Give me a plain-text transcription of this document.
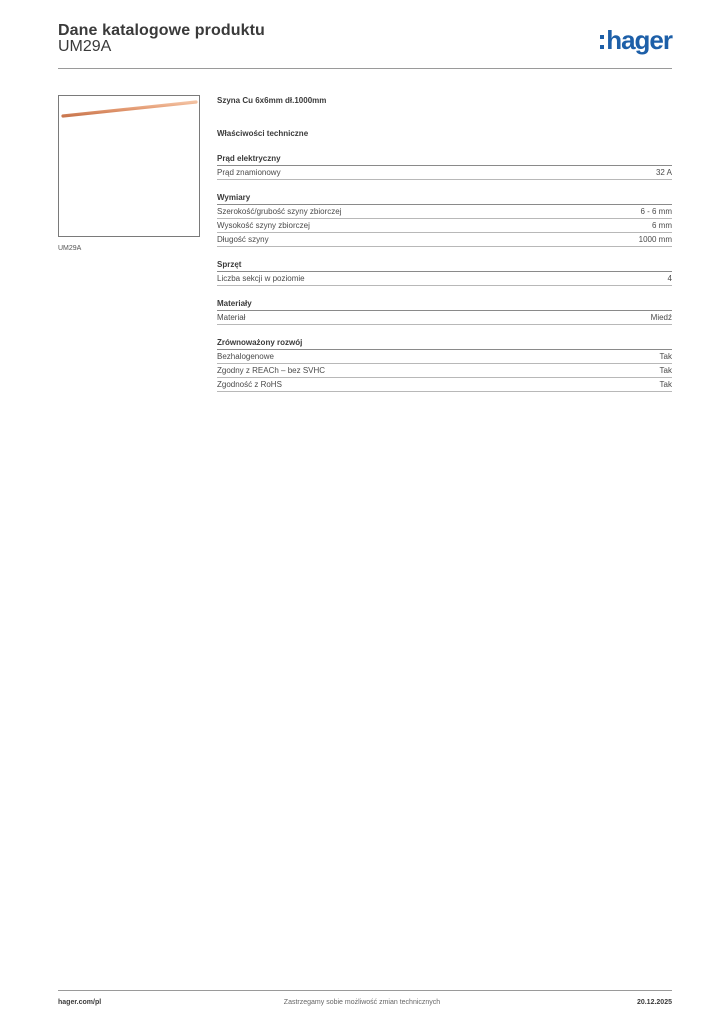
Dane katalogowe produktu
UM29A	hager
UM29A
Szyna Cu 6x6mm dł.1000mm
Właściwości techniczne
Prąd elektryczny
Prąd znamionowy	32 A
Wymiary
Szerokość/grubość szyny zbiorczej	6 - 6 mm
Wysokość szyny zbiorczej	6 mm
Długość szyny	1000 mm
Sprzęt
Liczba sekcji w poziomie	4
Materiały
Materiał	Miedź
Zrównoważony rozwój
Bezhalogenowe	Tak
Zgodny z REACh – bez SVHC	Tak
Zgodność z RoHS	Tak
hager.com/pl	Zastrzegamy sobie możliwość zmian technicznych	20.12.2025
